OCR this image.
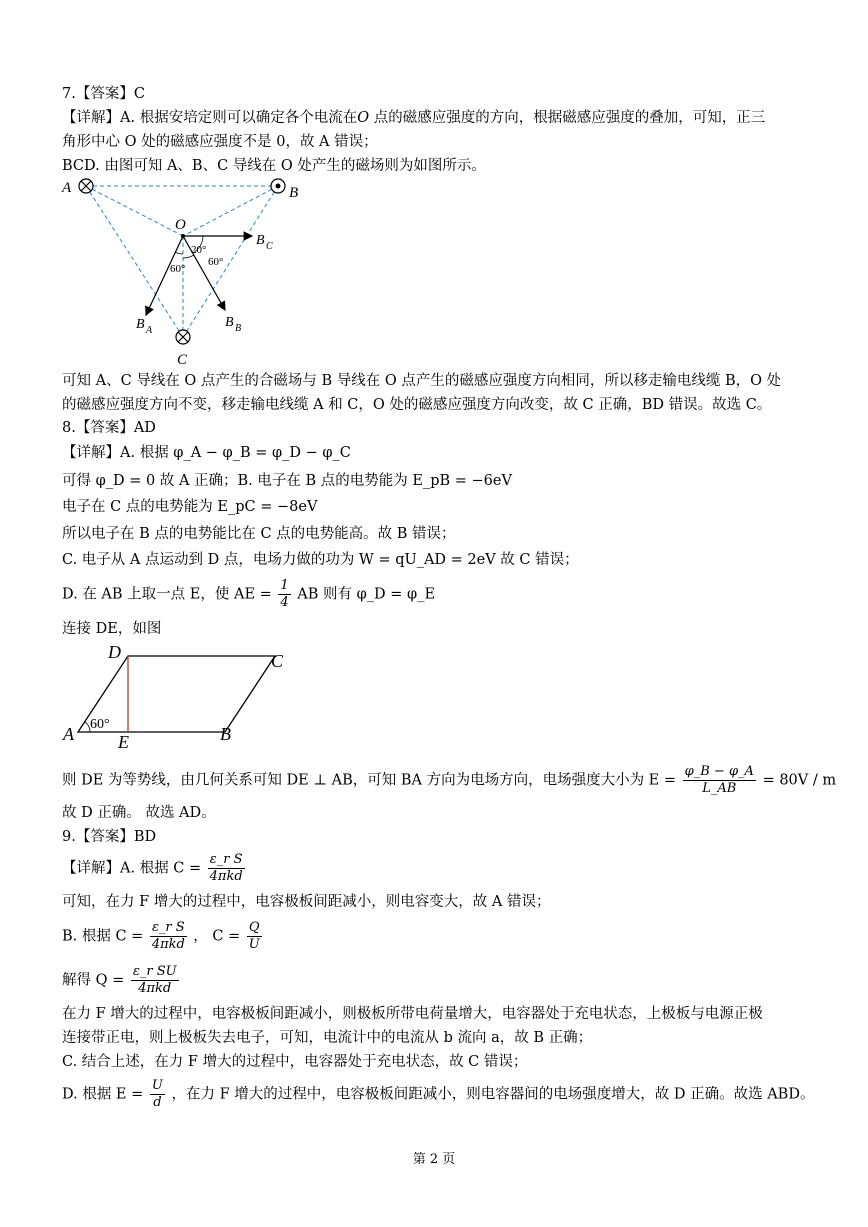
7.【答案】C
【详解】A. 根据安培定则可以确定各个电流在O 点的磁感应强度的方向，根据磁感应强度的叠加，可知，正三
角形中心 O 处的磁感应强度不是 0，故 A 错误；
BCD. 由图可知 A、B、C 导线在 O 处产生的磁场则为如图所示。
A	B
O
C
B C
B A
B B
20°
60°
60°
可知 A、C 导线在 O 点产生的合磁场与 B 导线在 O 点产生的磁感应强度方向相同，所以移走输电线缆 B，O 处
的磁感应强度方向不变，移走输电线缆 A 和 C，O 处的磁感应强度方向改变，故 C 正确，BD 错误。故选 C。
8.【答案】AD
【详解】A. 根据 φ_A − φ_B = φ_D − φ_C
可得 φ_D = 0 故 A 正确；B. 电子在 B 点的电势能为 E_pB = −6eV
电子在 C 点的电势能为 E_pC = −8eV
所以电子在 B 点的电势能比在 C 点的电势能高。故 B 错误；
C. 电子从 A 点运动到 D 点，电场力做的功为 W = qU_AD = 2eV 故 C 错误；
D. 在 AB 上取一点 E，使 AE = $\frac{1}{4}$ AB 则有 φ_D = φ_E
连接 DE，如图
D	C
A E	B
60°
则 DE 为等势线，由几何关系可知 DE ⊥ AB，可知 BA 方向为电场方向，电场强度大小为 $E = \frac{\varphi\_B - \varphi\_A}{L\_AB} = 80V / m$
故 D 正确。 故选 AD。
9.【答案】BD
【详解】A. 根据 $C = \frac{\text{ε\_r S}}{\text{4πkd}}$
可知，在力 F 增大的过程中，电容极板间距减小，则电容变大，故 A 错误；
B. 根据 $C = \frac{\text{ε\_r S}}{\text{4πkd}}$ ， $C = \frac{Q}{U}$
解得 $Q = \frac{\text{ε\_r SU}}{\text{4πkd}}$
在力 F 增大的过程中，电容极板间距减小，则极板所带电荷量增大，电容器处于充电状态，上极板与电源正极
连接带正电，则上极板失去电子，可知，电流计中的电流从 b 流向 a，故 B 正确；
C. 结合上述，在力 F 增大的过程中，电容器处于充电状态，故 C 错误；
D. 根据 $E = \frac{U}{d}$ ，在力 F 增大的过程中，电容极板间距减小，则电容器间的电场强度增大，故 D 正确。故选 ABD。
第 2 页
